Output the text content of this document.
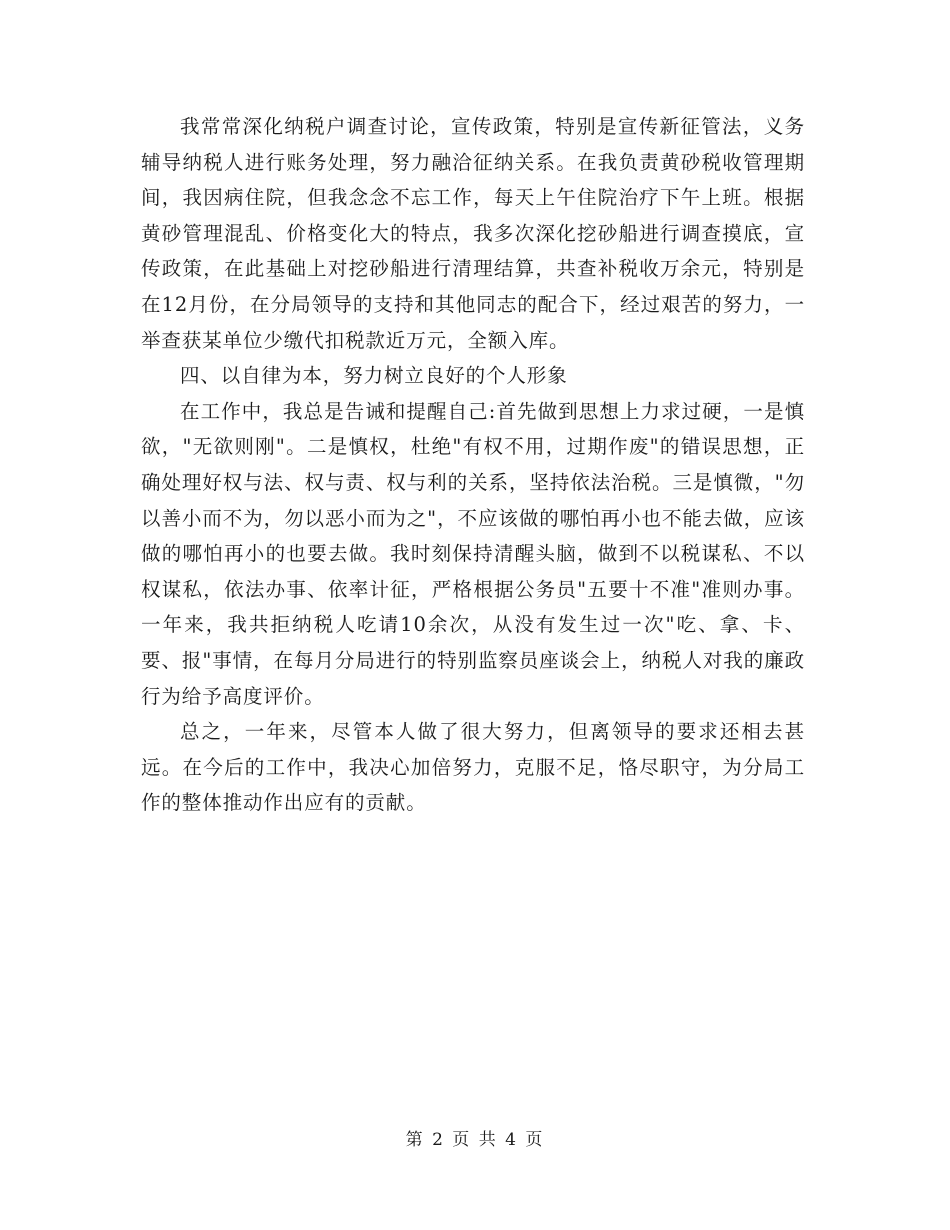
我常常深化纳税户调查讨论，宣传政策，特别是宣传新征管法，义务辅导纳税人进行账务处理，努力融洽征纳关系。在我负责黄砂税收管理期间，我因病住院，但我念念不忘工作，每天上午住院治疗下午上班。根据黄砂管理混乱、价格变化大的特点，我多次深化挖砂船进行调查摸底，宣传政策，在此基础上对挖砂船进行清理结算，共查补税收万余元，特别是在12月份，在分局领导的支持和其他同志的配合下，经过艰苦的努力，一举查获某单位少缴代扣税款近万元，全额入库。

四、以自律为本，努力树立良好的个人形象

在工作中，我总是告诫和提醒自己:首先做到思想上力求过硬，一是慎欲，"无欲则刚"。二是慎权，杜绝"有权不用，过期作废"的错误思想，正确处理好权与法、权与责、权与利的关系，坚持依法治税。三是慎微，"勿以善小而不为，勿以恶小而为之"，不应该做的哪怕再小也不能去做，应该做的哪怕再小的也要去做。我时刻保持清醒头脑，做到不以税谋私、不以权谋私，依法办事、依率计征，严格根据公务员"五要十不准"准则办事。一年来，我共拒纳税人吃请10余次，从没有发生过一次"吃、拿、卡、要、报"事情，在每月分局进行的特别监察员座谈会上，纳税人对我的廉政行为给予高度评价。

总之，一年来，尽管本人做了很大努力，但离领导的要求还相去甚远。在今后的工作中，我决心加倍努力，克服不足，恪尽职守，为分局工作的整体推动作出应有的贡献。

第 2 页 共 4 页
